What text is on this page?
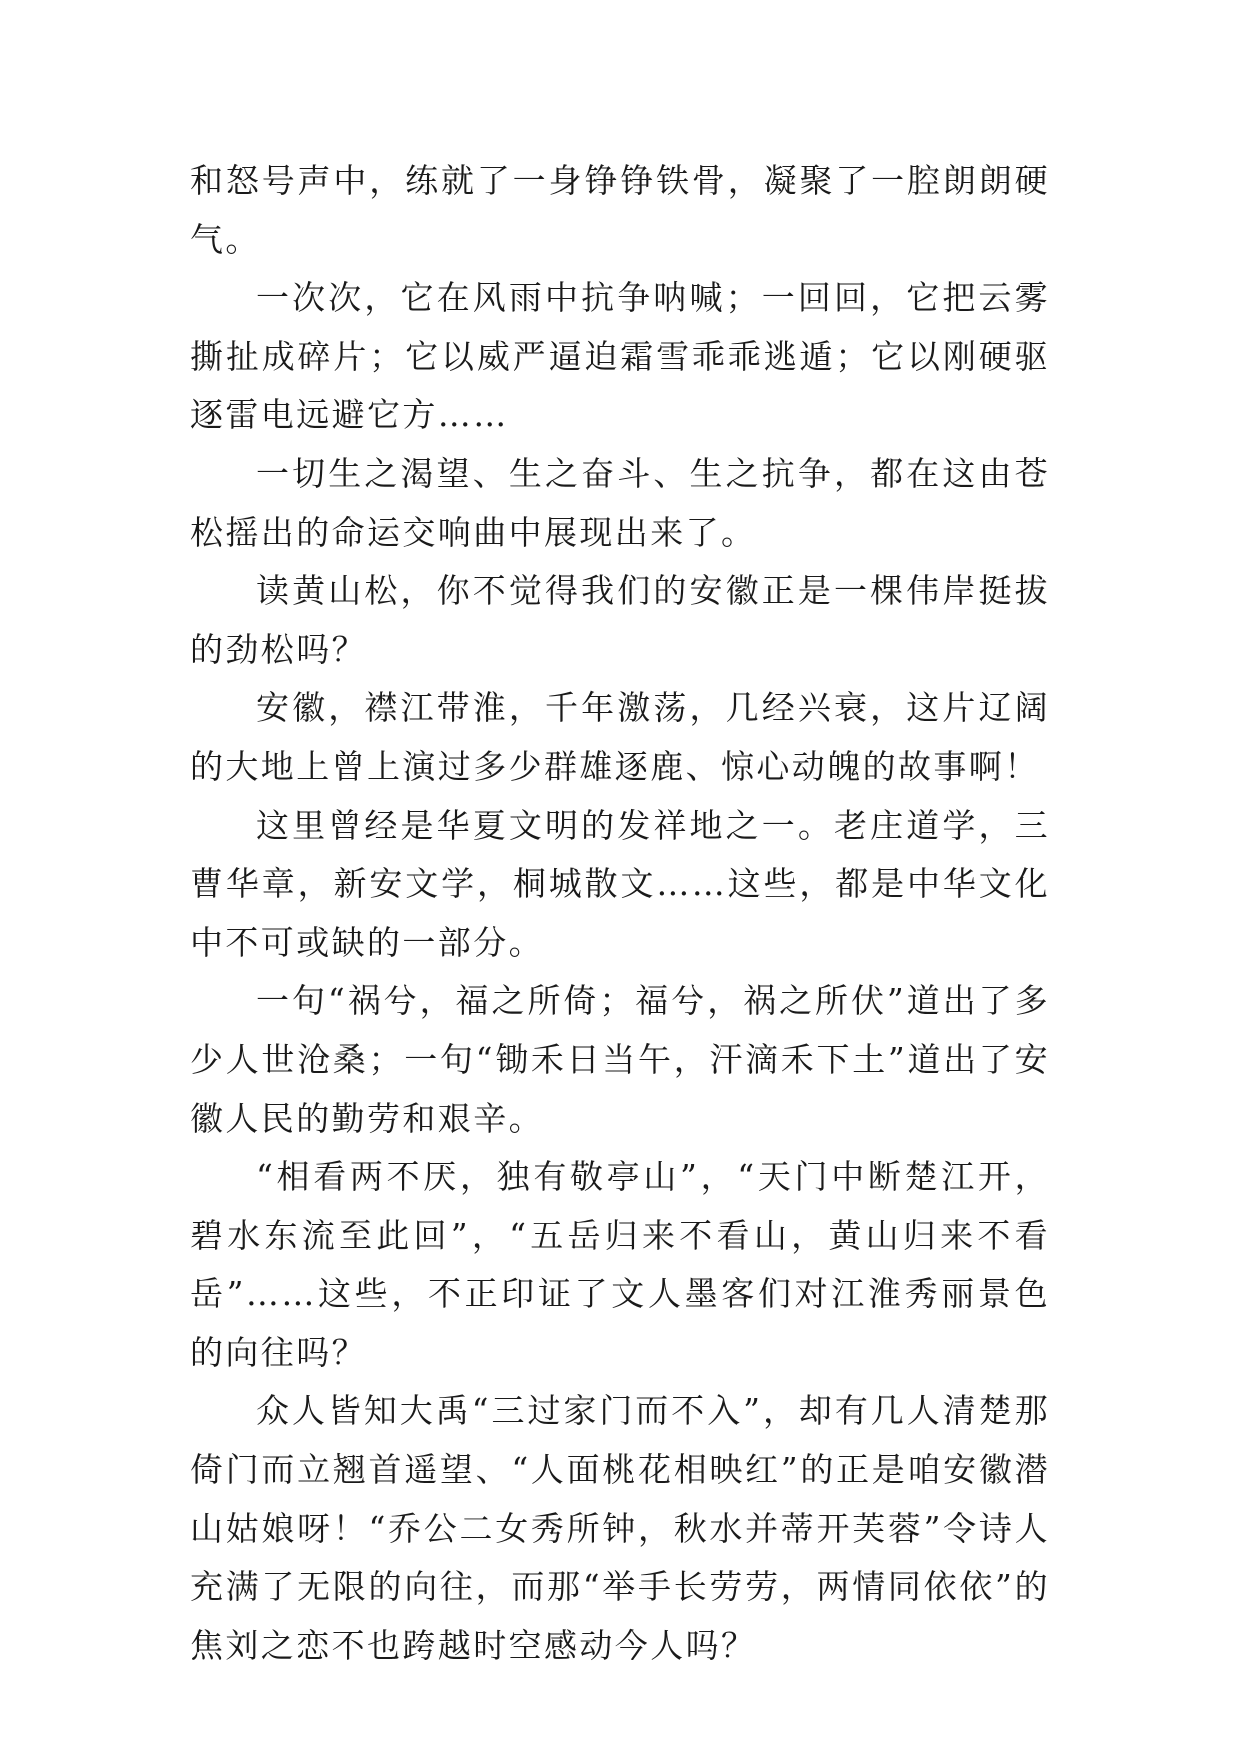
和怒号声中，练就了一身铮铮铁骨，凝聚了一腔朗朗硬气。

一次次，它在风雨中抗争呐喊；一回回，它把云雾撕扯成碎片；它以威严逼迫霜雪乖乖逃遁；它以刚硬驱逐雷电远避它方……

一切生之渴望、生之奋斗、生之抗争，都在这由苍松摇出的命运交响曲中展现出来了。

读黄山松，你不觉得我们的安徽正是一棵伟岸挺拔的劲松吗？

安徽，襟江带淮，千年激荡，几经兴衰，这片辽阔的大地上曾上演过多少群雄逐鹿、惊心动魄的故事啊！

这里曾经是华夏文明的发祥地之一。老庄道学，三曹华章，新安文学，桐城散文……这些，都是中华文化中不可或缺的一部分。

一句“祸兮，福之所倚；福兮，祸之所伏”道出了多少人世沧桑；一句“锄禾日当午，汗滴禾下土”道出了安徽人民的勤劳和艰辛。

“相看两不厌，独有敬亭山”，“天门中断楚江开，碧水东流至此回”，“五岳归来不看山，黄山归来不看岳”……这些，不正印证了文人墨客们对江淮秀丽景色的向往吗？

众人皆知大禹“三过家门而不入”，却有几人清楚那倚门而立翘首遥望、“人面桃花相映红”的正是咱安徽潜山姑娘呀！“乔公二女秀所钟，秋水并蒂开芙蓉”令诗人充满了无限的向往，而那“举手长劳劳，两情同依依”的焦刘之恋不也跨越时空感动今人吗？
